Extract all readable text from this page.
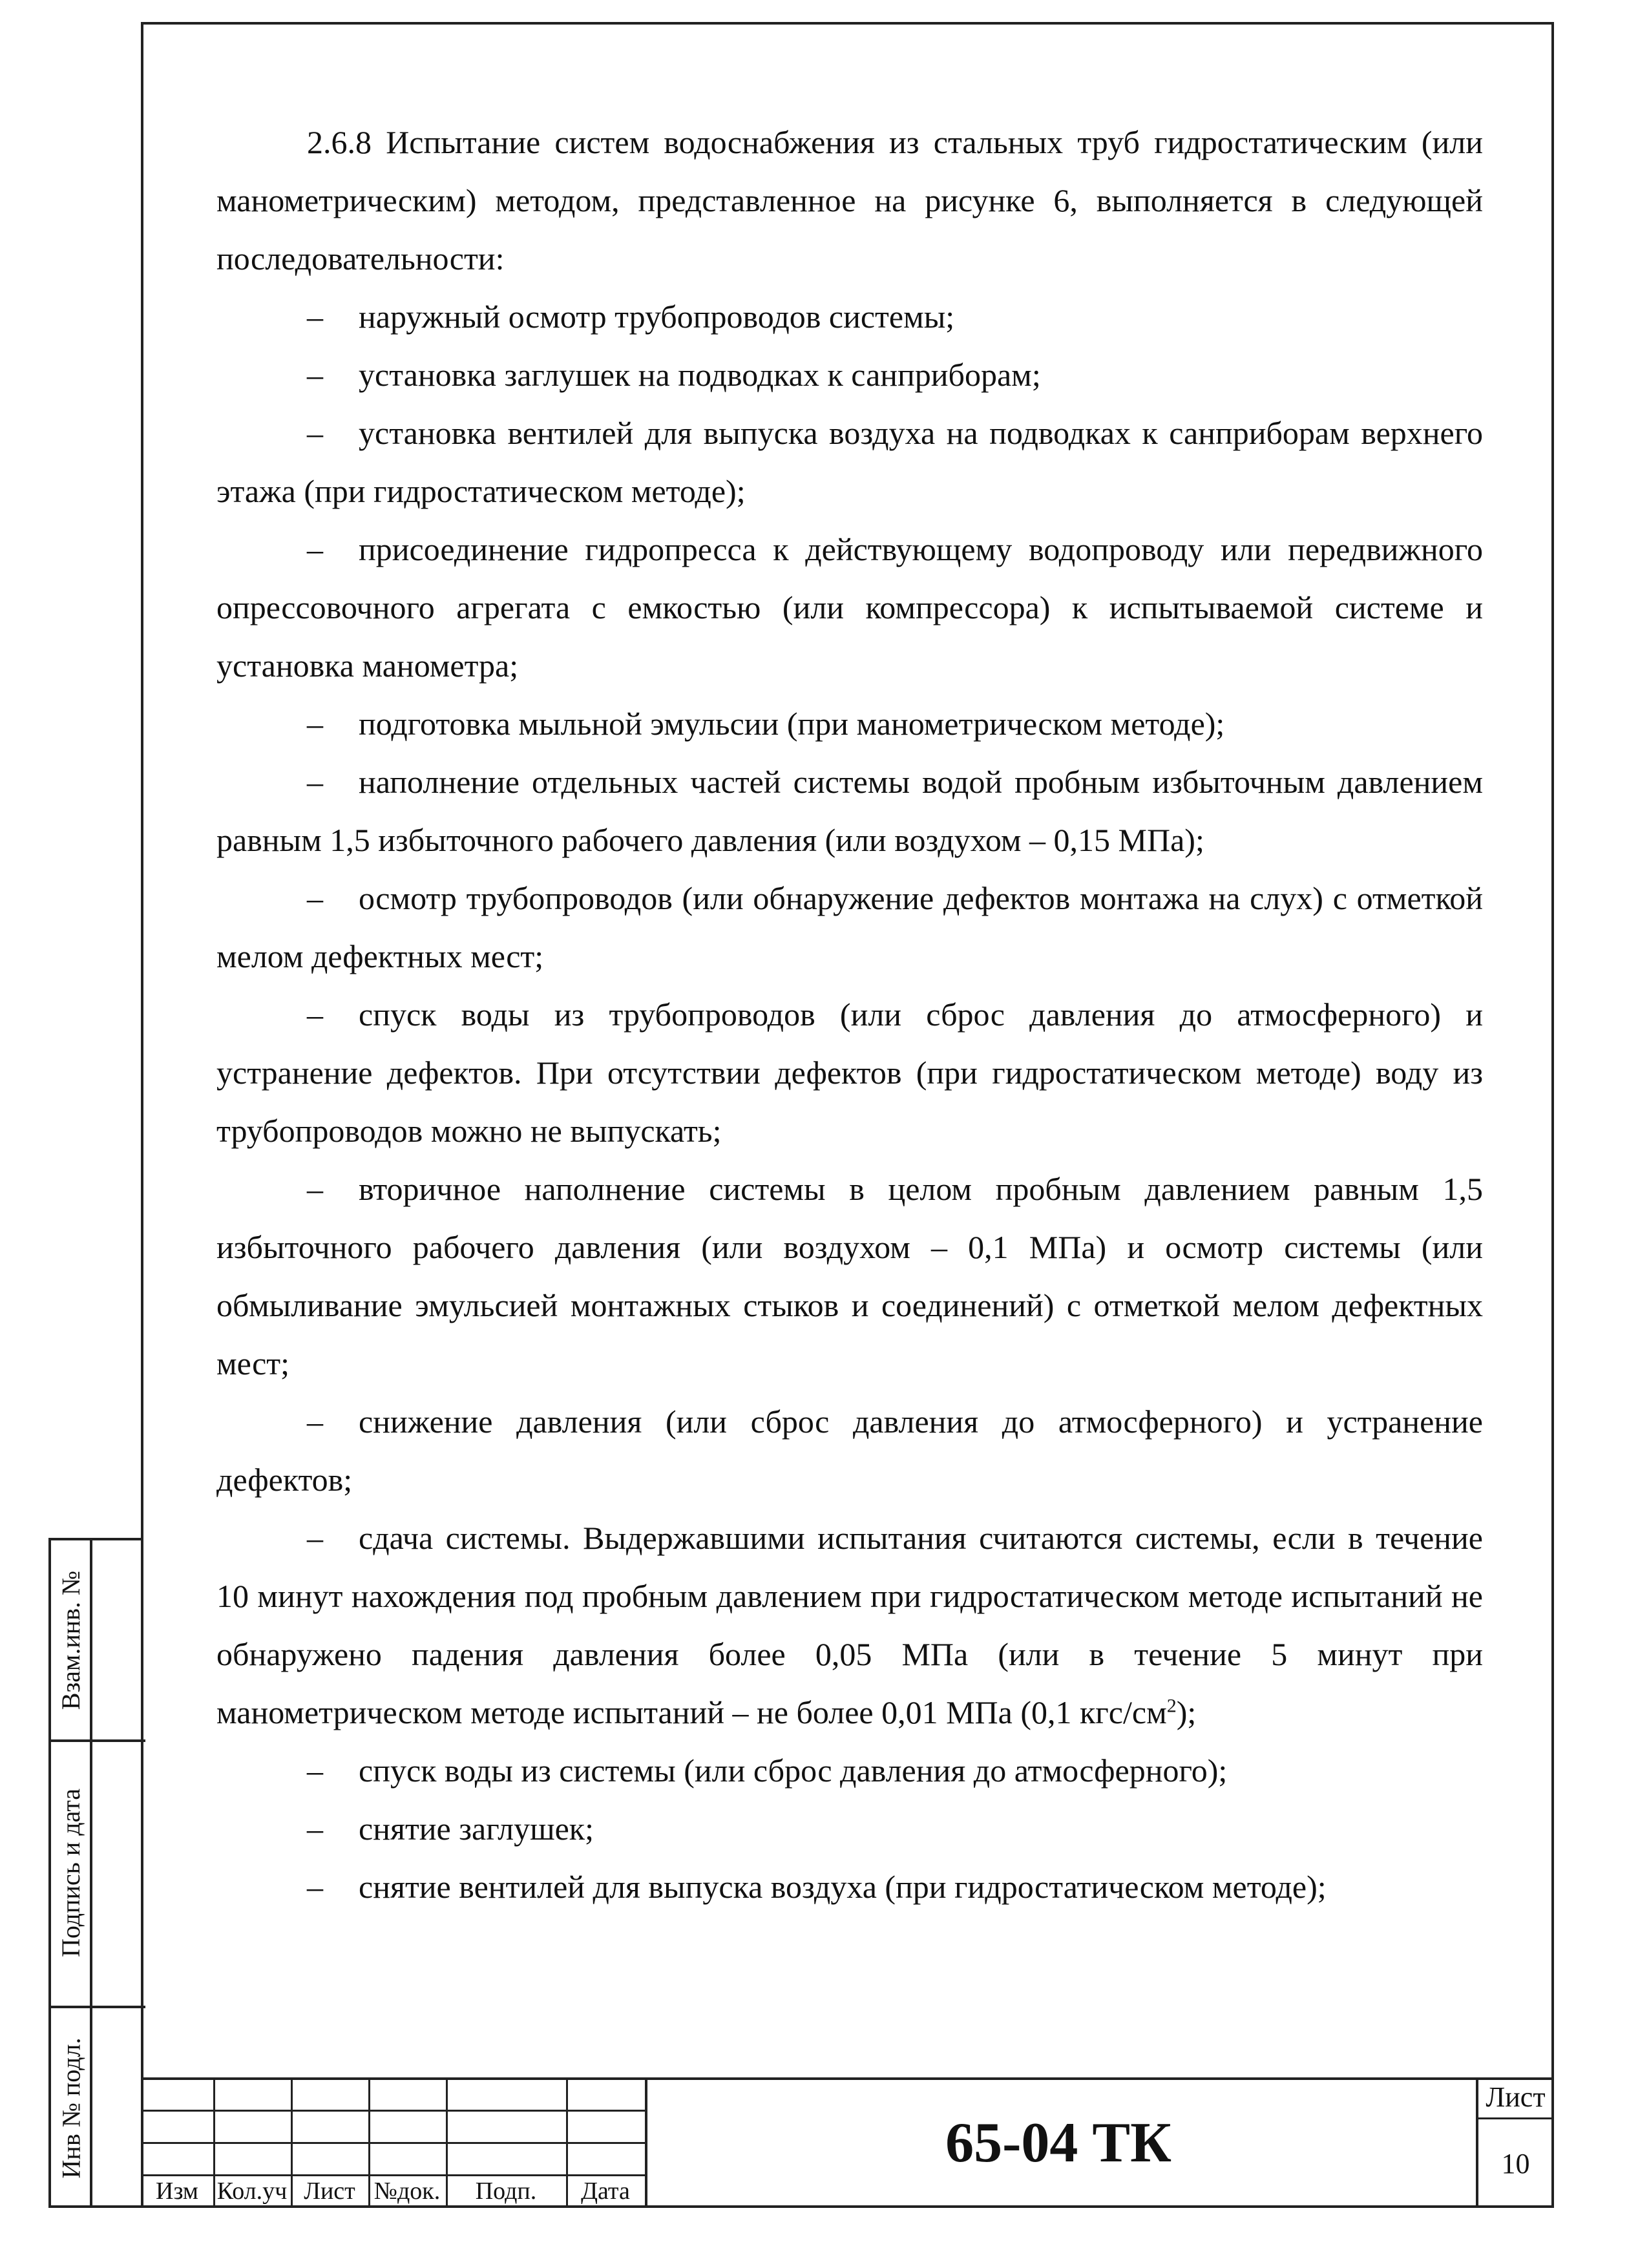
2.6.8 Испытание систем водоснабжения из стальных труб гидростатическим (или манометрическим) методом, представленное на рисунке 6, выполняется в следующей последовательности:

– наружный осмотр трубопроводов системы;

– установка заглушек на подводках к санприборам;

– установка вентилей для выпуска воздуха на подводках к санприборам верхнего этажа (при гидростатическом методе);

– присоединение гидропресса к действующему водопроводу или передвижного опрессовочного агрегата с емкостью (или компрессора) к испытываемой системе и установка манометра;

– подготовка мыльной эмульсии (при манометрическом методе);

– наполнение отдельных частей системы водой пробным избыточным давлением равным 1,5 избыточного рабочего давления (или воздухом – 0,15 МПа);

– осмотр трубопроводов (или обнаружение дефектов монтажа на слух) с отметкой мелом дефектных мест;

– спуск воды из трубопроводов (или сброс давления до атмосферного) и устранение дефектов. При отсутствии дефектов (при гидростатическом методе) воду из трубопроводов можно не выпускать;

– вторичное наполнение системы в целом пробным давлением равным 1,5 избыточного рабочего давления (или воздухом – 0,1 МПа) и осмотр системы (или обмыливание эмульсией монтажных стыков и соединений) с отметкой мелом дефектных мест;

– снижение давления (или сброс давления до атмосферного) и устранение дефектов;

– сдача системы. Выдержавшими испытания считаются системы, если в течение 10 минут нахождения под пробным давлением при гидростатическом методе испытаний не обнаружено падения давления более 0,05 МПа (или в течение 5 минут при манометрическом методе испытаний – не более 0,01 МПа (0,1 кгс/$см^2$);

– спуск воды из системы (или сброс давления до атмосферного);

– снятие заглушек;

– снятие вентилей для выпуска воздуха (при гидростатическом методе);

Взам.инв. №
Подпись и дата
Инв № подл.
Изм Кол.уч Лист №док.	Подп.	Дата
65-04 ТК
Лист
10
